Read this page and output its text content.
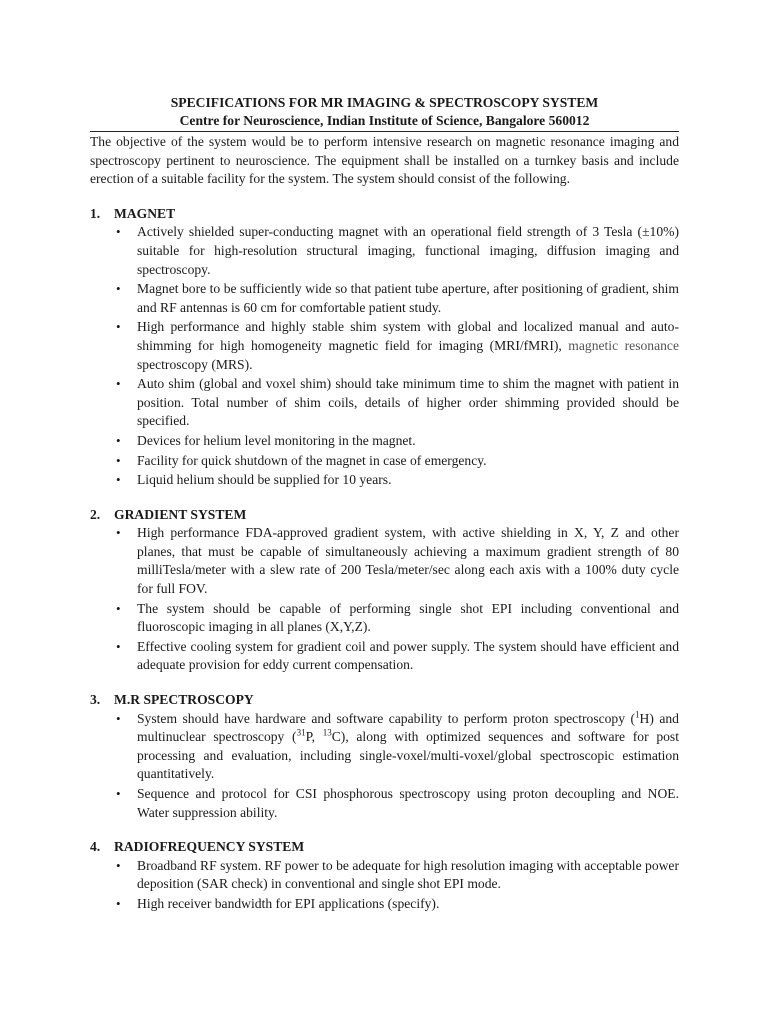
SPECIFICATIONS FOR MR IMAGING & SPECTROSCOPY SYSTEM

Centre for Neuroscience, Indian Institute of Science, Bangalore 560012

The objective of the system would be to perform intensive research on magnetic resonance imaging and spectroscopy pertinent to neuroscience. The equipment shall be installed on a turnkey basis and include erection of a suitable facility for the system. The system should consist of the following.

1.	MAGNET
• Actively shielded super-conducting magnet with an operational field strength of 3 Tesla (±10%) suitable for high-resolution structural imaging, functional imaging, diffusion imaging and spectroscopy.
• Magnet bore to be sufficiently wide so that patient tube aperture, after positioning of gradient, shim and RF antennas is 60 cm for comfortable patient study.
• High performance and highly stable shim system with global and localized manual and auto-shimming for high homogeneity magnetic field for imaging (MRI/fMRI), magnetic resonance spectroscopy (MRS).
• Auto shim (global and voxel shim) should take minimum time to shim the magnet with patient in position. Total number of shim coils, details of higher order shimming provided should be specified.
• Devices for helium level monitoring in the magnet.
• Facility for quick shutdown of the magnet in case of emergency.
• Liquid helium should be supplied for 10 years.
2.	GRADIENT SYSTEM
• High performance FDA-approved gradient system, with active shielding in X, Y, Z and other planes, that must be capable of simultaneously achieving a maximum gradient strength of 80 milliTesla/meter with a slew rate of 200 Tesla/meter/sec along each axis with a 100% duty cycle for full FOV.
• The system should be capable of performing single shot EPI including conventional and fluoroscopic imaging in all planes (X,Y,Z).
• Effective cooling system for gradient coil and power supply. The system should have efficient and adequate provision for eddy current compensation.
3.	M.R SPECTROSCOPY
• System should have hardware and software capability to perform proton spectroscopy ($^1$H) and multinuclear spectroscopy ($^{31}$P, $^{13}$C), along with optimized sequences and software for post processing and evaluation, including single-voxel/multi-voxel/global spectroscopic estimation quantitatively.
• Sequence and protocol for CSI phosphorous spectroscopy using proton decoupling and NOE. Water suppression ability.
4.	RADIOFREQUENCY SYSTEM
• Broadband RF system. RF power to be adequate for high resolution imaging with acceptable power deposition (SAR check) in conventional and single shot EPI mode.
• High receiver bandwidth for EPI applications (specify).
